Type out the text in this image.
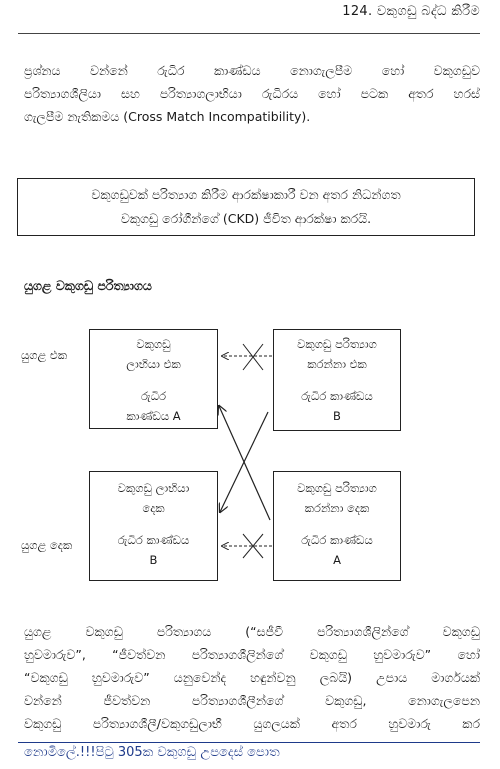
124. වකුගඩු බද්ධ කිරීම
ප්‍රශ්නය වන්නේ රුධිර කාණ්ඩය නොගැලපීම හෝ වකුගඩුව
පරිත්‍යාගශීලියා සහ පරිත්‍යාගලාභියා රුධිරය හෝ පටක අතර හරස්
ගැලපීම නැතිකමය (Cross Match Incompatibility).
වකුගඩුවක් පරිත්‍යාග කිරීම ආරක්ෂාකාරී වන අතර නිධන්ගත
වකුගඩු රෝගීන්ගේ (CKD) ජීවිත ආරක්ෂා කරයි.
යුගළ වකුගඩු පරිත්‍යාගය
යුගළ එක
යුගළ දෙක
වකුගඩු
ලාභියා එක
රුධිර
කාණ්ඩය A
වකුගඩු පරිත්‍යාග
කරන්නා එක
රුධිර කාණ්ඩය
B
වකුගඩු ලාභියා
දෙක
රුධිර කාණ්ඩය
B
වකුගඩු පරිත්‍යාග
කරන්නා දෙක
රුධිර කාණ්ඩය
A
යුගළ වකුගඩු පරිත්‍යාගය (“සජීවී පරිත්‍යාගශීලින්ගේ වකුගඩු
හුවමාරුව”, “ජීවත්වන පරිත්‍යාගශීලින්ගේ වකුගඩු හුවමාරුව” හෝ
“වකුගඩු හුවමාරුව” යනුවෙන්ද හඳුන්වනු ලබයි) උපාය මාර්ගයක්
වන්නේ ජීවත්වන පරිත්‍යාගශීලීන්ගේ වකුගඩු, නොගැලපෙන
වකුගඩු පරිත්‍යාගශීලී/වකුගඩුලාභී යුගලයක් අතර හුවමාරු කර
නොමිලේ.!!!පිටු 305ක වකුගඩු උපදෙස් පොත
